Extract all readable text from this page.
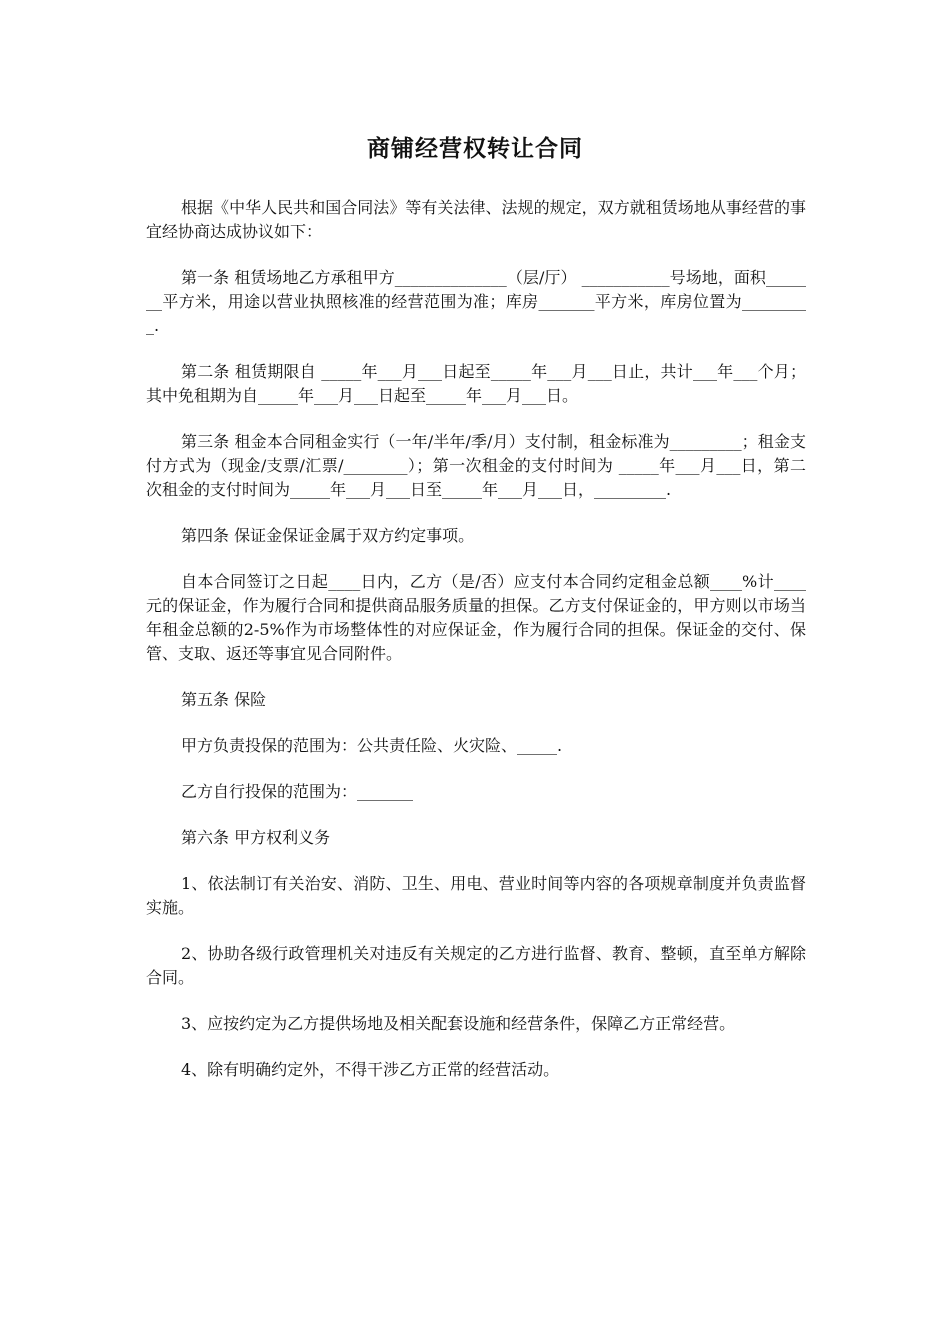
商铺经营权转让合同

根据《中华人民共和国合同法》等有关法律、法规的规定，双方就租赁场地从事经营的事宜经协商达成协议如下：

第一条 租赁场地乙方承租甲方______________（层/厅） ___________号场地，面积_______平方米，用途以营业执照核准的经营范围为准；库房_______平方米，库房位置为_________.

第二条 租赁期限自 _____年___月___日起至_____年___月___日止，共计___年___个月；其中免租期为自_____年___月___日起至_____年___月___日。

第三条 租金本合同租金实行（一年/半年/季/月）支付制，租金标准为_________；租金支付方式为（现金/支票/汇票/________）；第一次租金的支付时间为 _____年___月___日，第二次租金的支付时间为_____年___月___日至_____年___月___日，_________.

第四条 保证金保证金属于双方约定事项。

自本合同签订之日起____日内，乙方（是/否）应支付本合同约定租金总额____%计____元的保证金，作为履行合同和提供商品服务质量的担保。乙方支付保证金的，甲方则以市场当年租金总额的2-5%作为市场整体性的对应保证金，作为履行合同的担保。保证金的交付、保管、支取、返还等事宜见合同附件。

第五条 保险

甲方负责投保的范围为：公共责任险、火灾险、_____.

乙方自行投保的范围为：_______

第六条 甲方权利义务

1、依法制订有关治安、消防、卫生、用电、营业时间等内容的各项规章制度并负责监督实施。

2、协助各级行政管理机关对违反有关规定的乙方进行监督、教育、整顿，直至单方解除合同。

3、应按约定为乙方提供场地及相关配套设施和经营条件，保障乙方正常经营。

4、除有明确约定外，不得干涉乙方正常的经营活动。
